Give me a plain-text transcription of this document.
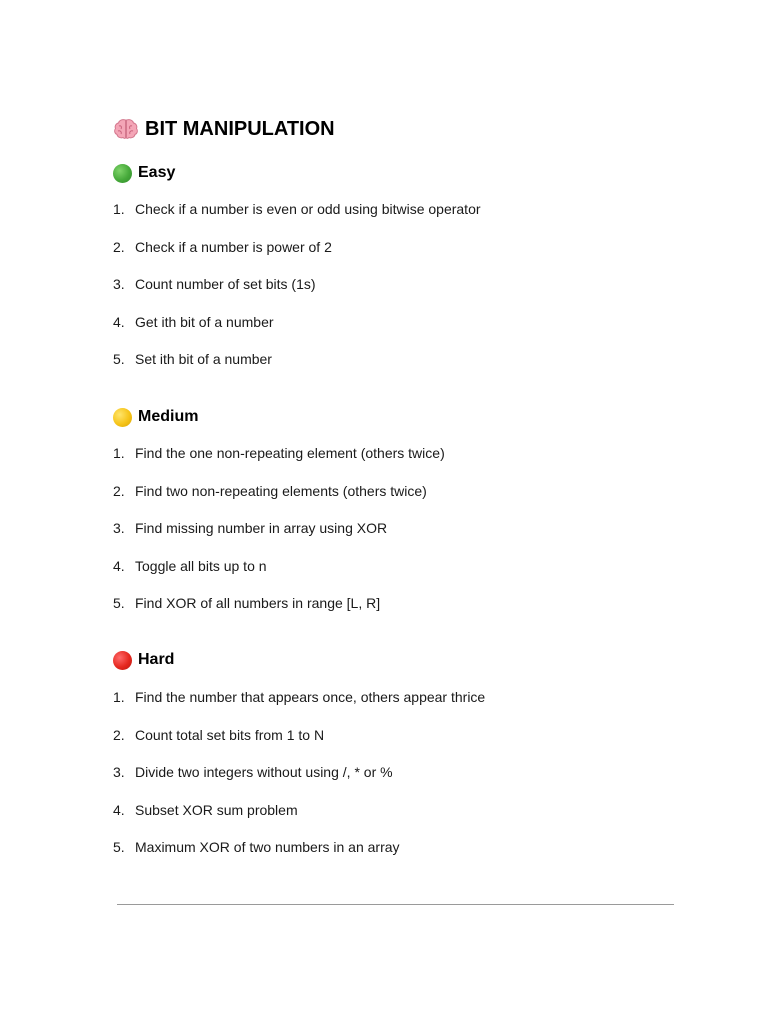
BIT MANIPULATION
Easy
1. Check if a number is even or odd using bitwise operator
2. Check if a number is power of 2
3. Count number of set bits (1s)
4. Get ith bit of a number
5. Set ith bit of a number
Medium
1. Find the one non-repeating element (others twice)
2. Find two non-repeating elements (others twice)
3. Find missing number in array using XOR
4. Toggle all bits up to n
5. Find XOR of all numbers in range [L, R]
Hard
1. Find the number that appears once, others appear thrice
2. Count total set bits from 1 to N
3. Divide two integers without using /, * or %
4. Subset XOR sum problem
5. Maximum XOR of two numbers in an array
